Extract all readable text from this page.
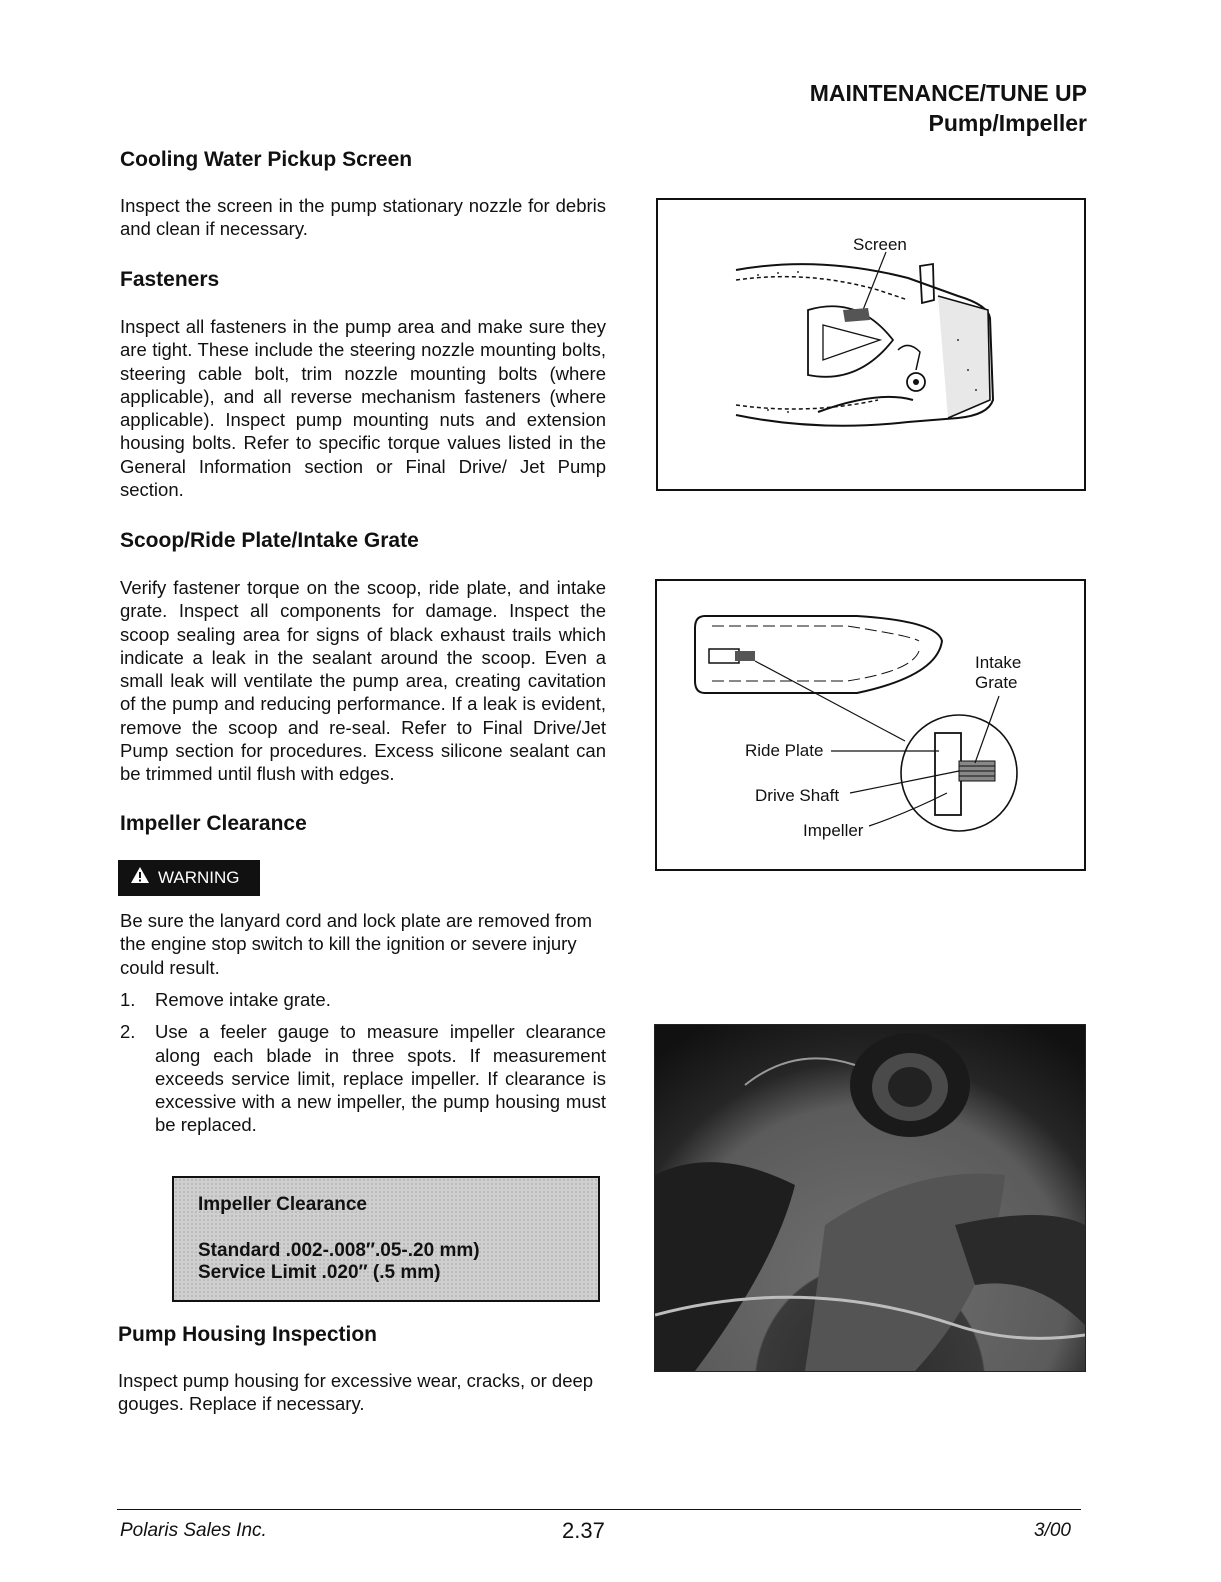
MAINTENANCE/TUNE UP
Pump/Impeller
Cooling Water Pickup Screen

Inspect the screen in the pump stationary nozzle for debris and clean if necessary.

Fasteners

Inspect all fasteners in the pump area and make sure they are tight. These include the steering nozzle mounting bolts, steering cable bolt, trim nozzle mounting bolts (where applicable), and all reverse mechanism fasteners (where applicable). Inspect pump mounting nuts and extension housing bolts. Refer to specific torque values listed in the General Information section or Final Drive/ Jet Pump section.

Scoop/Ride Plate/Intake Grate

Verify fastener torque on the scoop, ride plate, and intake grate. Inspect all components for damage. Inspect the scoop sealing area for signs of black exhaust trails which indicate a leak in the sealant around the scoop. Even a small leak will ventilate the pump area, creating cavitation of the pump and reducing performance. If a leak is evident, remove the scoop and re-seal. Refer to Final Drive/Jet Pump section for procedures. Excess silicone sealant can be trimmed until flush with edges.

Impeller Clearance
WARNING

Be sure the lanyard cord and lock plate are removed from the engine stop switch to kill the ignition or severe injury could result.

1. Remove intake grate.
2. Use a feeler gauge to measure impeller clearance along each blade in three spots. If measurement exceeds service limit, replace impeller. If clearance is excessive with a new impeller, the pump housing must be replaced.
Impeller Clearance
Standard .002-.008″.05-.20 mm)
Service Limit .020″ (.5 mm)
Pump Housing Inspection

Inspect pump housing for excessive wear, cracks, or deep gouges. Replace if necessary.

Screen
Intake
Grate
Ride Plate
Drive Shaft
Impeller
Polaris Sales Inc.	2.37	3/00
